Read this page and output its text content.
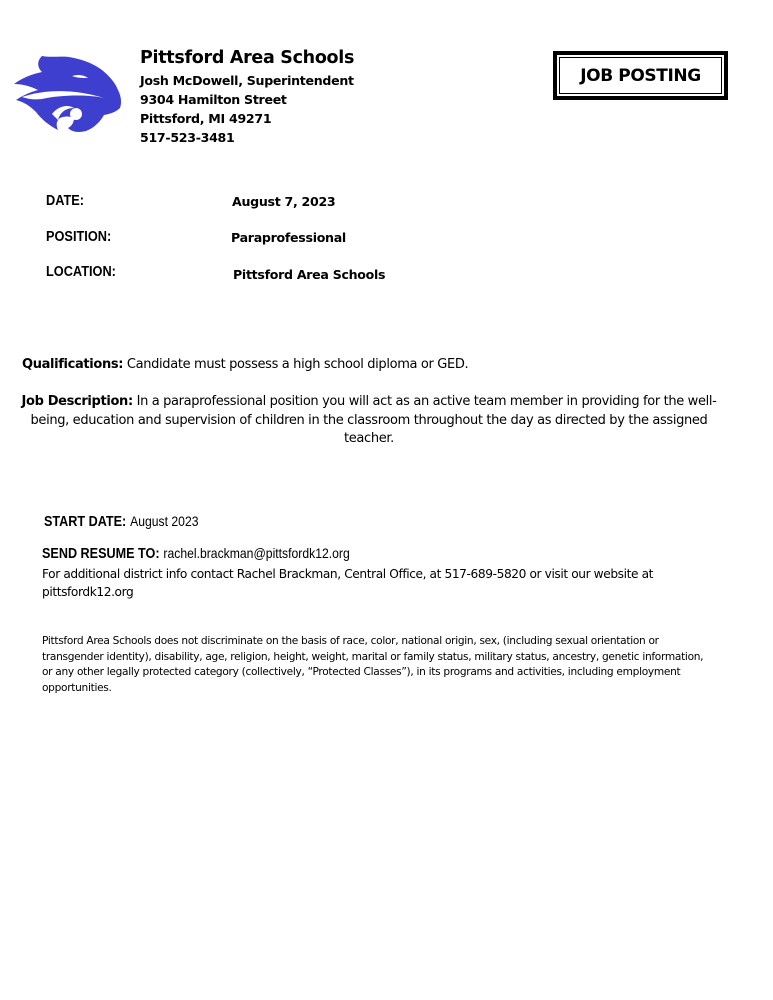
Pittsford Area Schools
Josh McDowell, Superintendent
9304 Hamilton Street
Pittsford, MI 49271
517-523-3481
JOB POSTING
DATE:	August 7, 2023
POSITION:	Paraprofessional
LOCATION:	Pittsford Area Schools
Qualifications: Candidate must possess a high school diploma or GED.
Job Description: In a paraprofessional position you will act as an active team member in providing for the well-
being, education and supervision of children in the classroom throughout the day as directed by the assigned
teacher.
START DATE: August 2023
SEND RESUME TO: rachel.brackman@pittsfordk12.org
For additional district info contact Rachel Brackman, Central Office, at 517-689-5820 or visit our website at
pittsfordk12.org
Pittsford Area Schools does not discriminate on the basis of race, color, national origin, sex, (including sexual orientation or
transgender identity), disability, age, religion, height, weight, marital or family status, military status, ancestry, genetic information,
or any other legally protected category (collectively, “Protected Classes”), in its programs and activities, including employment
opportunities.
